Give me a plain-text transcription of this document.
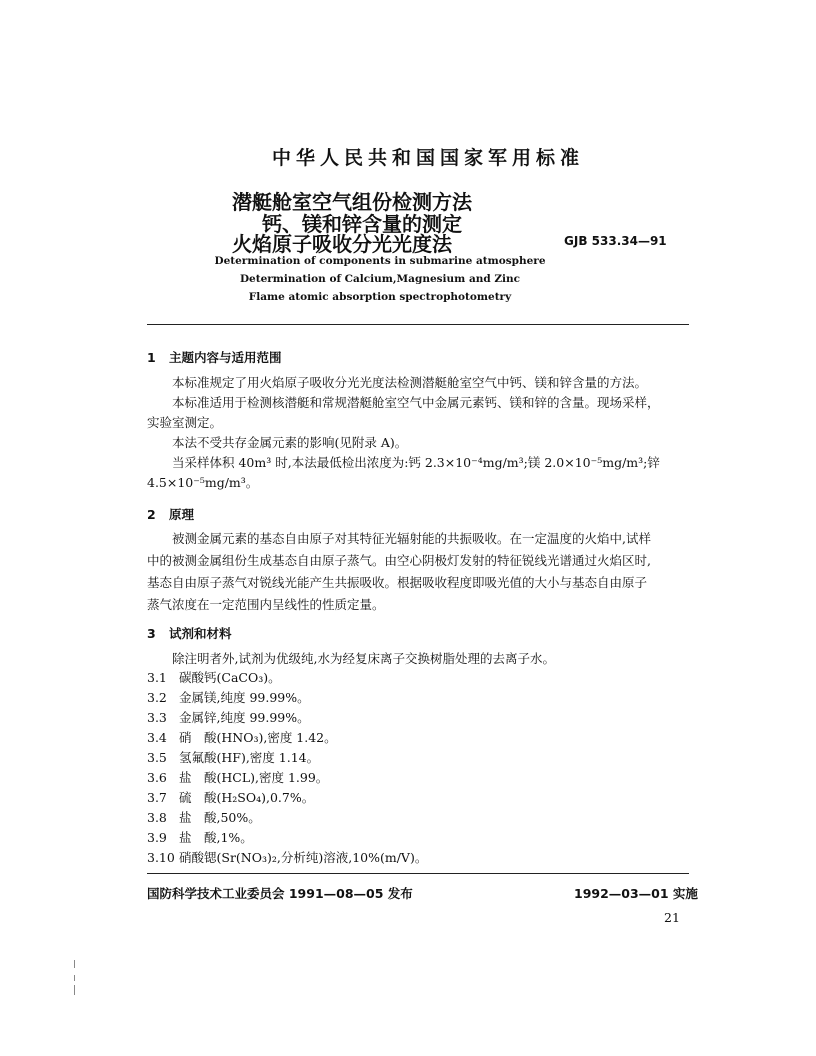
中华人民共和国国家军用标准
潜艇舱室空气组份检测方法
钙、镁和锌含量的测定
火焰原子吸收分光光度法	GJB 533.34—91
Determination of components in submarine atmosphere
Determination of Calcium,Magnesium and Zinc
Flame atomic absorption spectrophotometry
1 主题内容与适用范围
本标准规定了用火焰原子吸收分光光度法检测潜艇舱室空气中钙、镁和锌含量的方法。
本标准适用于检测核潜艇和常规潜艇舱室空气中金属元素钙、镁和锌的含量。现场采样，
实验室测定。
本法不受共存金属元素的影响(见附录 A)。
当采样体积 40m³ 时,本法最低检出浓度为:钙 2.3×10⁻⁴mg/m³;镁 2.0×10⁻⁵mg/m³;锌
4.5×10⁻⁵mg/m³。
2 原理
被测金属元素的基态自由原子对其特征光辐射能的共振吸收。在一定温度的火焰中,试样
中的被测金属组份生成基态自由原子蒸气。由空心阴极灯发射的特征锐线光谱通过火焰区时,
基态自由原子蒸气对锐线光能产生共振吸收。根据吸收程度即吸光值的大小与基态自由原子
蒸气浓度在一定范围内呈线性的性质定量。
3 试剂和材料
除注明者外,试剂为优级纯,水为经复床离子交换树脂处理的去离子水。
3.1 碳酸钙(CaCO₃)。
3.2 金属镁,纯度 99.99%。
3.3 金属锌,纯度 99.99%。
3.4 硝　酸(HNO₃),密度 1.42。
3.5 氢氟酸(HF),密度 1.14。
3.6 盐　酸(HCL),密度 1.99。
3.7 硫　酸(H₂SO₄),0.7%。
3.8 盐　酸,50%。
3.9 盐　酸,1%。
3.10 硝酸锶(Sr(NO₃)₂,分析纯)溶液,10%(m/V)。
国防科学技术工业委员会 1991—08—05 发布	1992—03—01 实施
21
